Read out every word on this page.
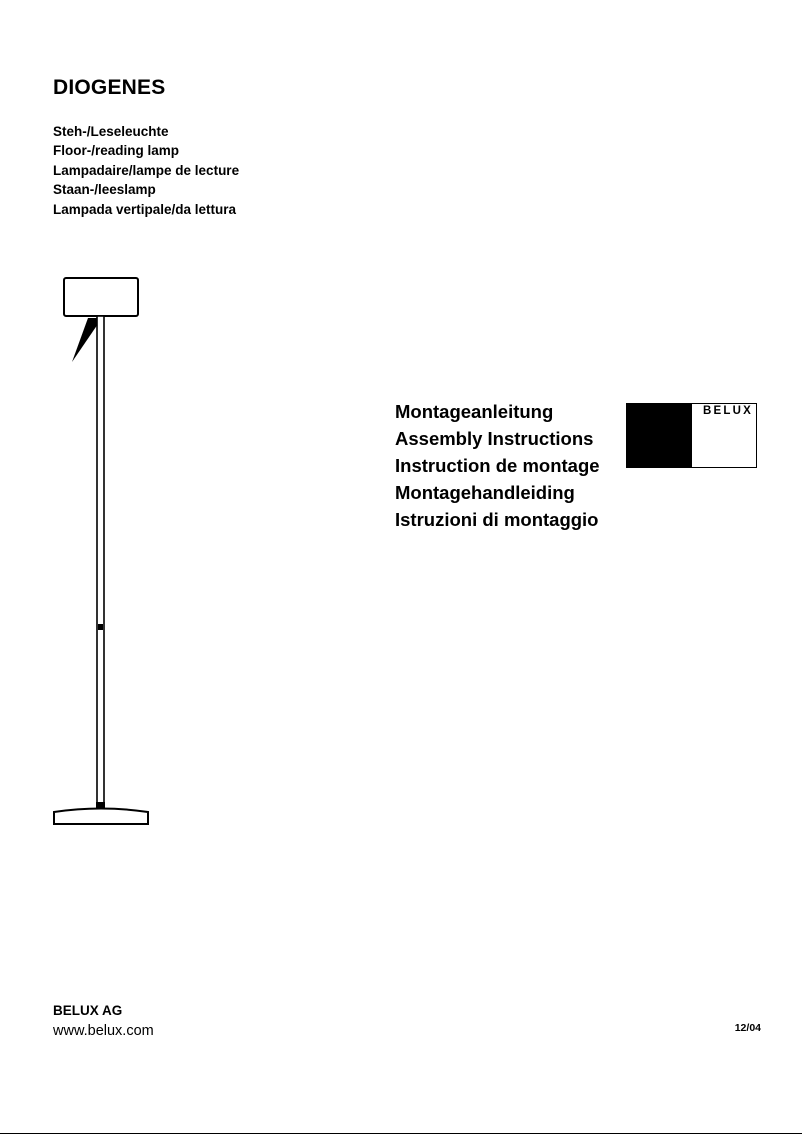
DIOGENES
Steh-/Leseleuchte
Floor-/reading lamp
Lampadaire/lampe de lecture
Staan-/leeslamp
Lampada vertipale/da lettura
Montageanleitung
Assembly Instructions
Instruction de montage
Montagehandleiding
Istruzioni di montaggio
BELUX
BELUX AG
www.belux.com	12/04
